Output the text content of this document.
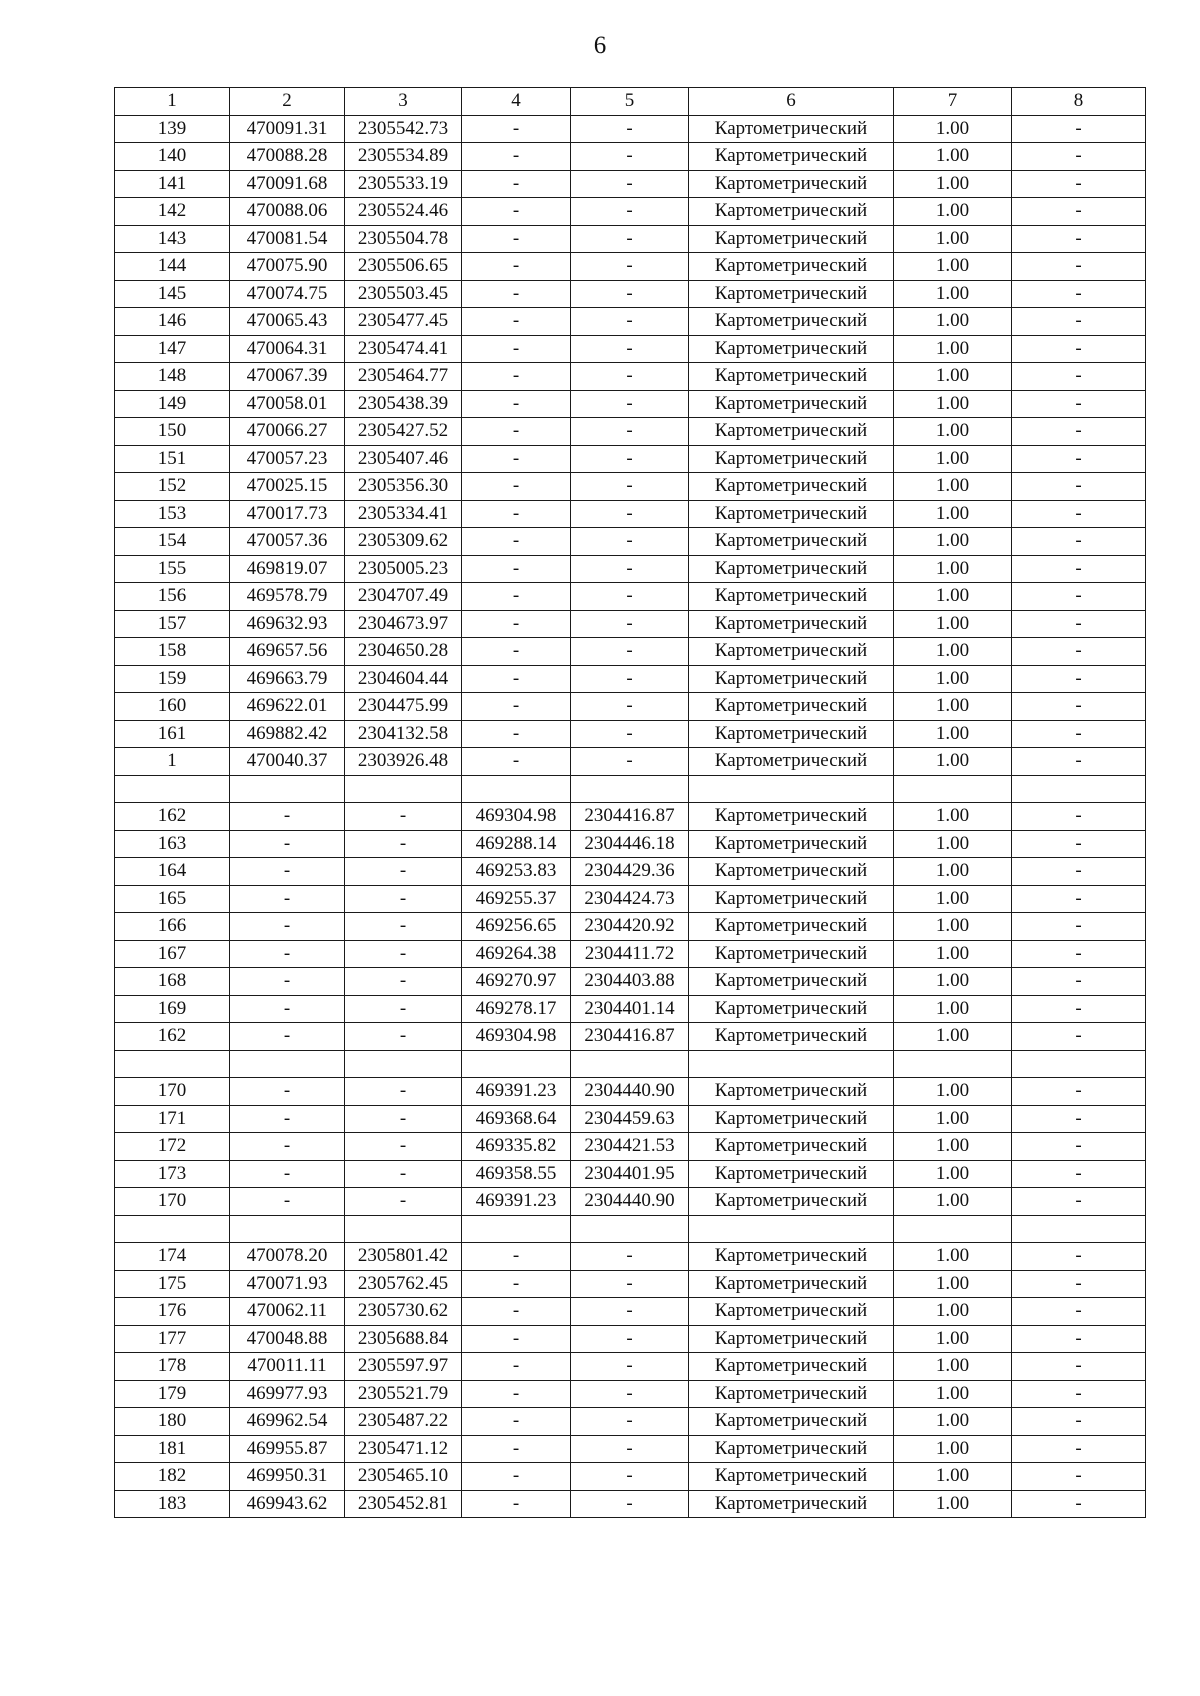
6
1	2	3	4	5	6	7	8
139	470091.31	2305542.73	-	-	Картометрический	1.00	-
140	470088.28	2305534.89	-	-	Картометрический	1.00	-
141	470091.68	2305533.19	-	-	Картометрический	1.00	-
142	470088.06	2305524.46	-	-	Картометрический	1.00	-
143	470081.54	2305504.78	-	-	Картометрический	1.00	-
144	470075.90	2305506.65	-	-	Картометрический	1.00	-
145	470074.75	2305503.45	-	-	Картометрический	1.00	-
146	470065.43	2305477.45	-	-	Картометрический	1.00	-
147	470064.31	2305474.41	-	-	Картометрический	1.00	-
148	470067.39	2305464.77	-	-	Картометрический	1.00	-
149	470058.01	2305438.39	-	-	Картометрический	1.00	-
150	470066.27	2305427.52	-	-	Картометрический	1.00	-
151	470057.23	2305407.46	-	-	Картометрический	1.00	-
152	470025.15	2305356.30	-	-	Картометрический	1.00	-
153	470017.73	2305334.41	-	-	Картометрический	1.00	-
154	470057.36	2305309.62	-	-	Картометрический	1.00	-
155	469819.07	2305005.23	-	-	Картометрический	1.00	-
156	469578.79	2304707.49	-	-	Картометрический	1.00	-
157	469632.93	2304673.97	-	-	Картометрический	1.00	-
158	469657.56	2304650.28	-	-	Картометрический	1.00	-
159	469663.79	2304604.44	-	-	Картометрический	1.00	-
160	469622.01	2304475.99	-	-	Картометрический	1.00	-
161	469882.42	2304132.58	-	-	Картометрический	1.00	-
1	470040.37	2303926.48	-	-	Картометрический	1.00	-

162	-	-	469304.98	2304416.87	Картометрический	1.00	-
163	-	-	469288.14	2304446.18	Картометрический	1.00	-
164	-	-	469253.83	2304429.36	Картометрический	1.00	-
165	-	-	469255.37	2304424.73	Картометрический	1.00	-
166	-	-	469256.65	2304420.92	Картометрический	1.00	-
167	-	-	469264.38	2304411.72	Картометрический	1.00	-
168	-	-	469270.97	2304403.88	Картометрический	1.00	-
169	-	-	469278.17	2304401.14	Картометрический	1.00	-
162	-	-	469304.98	2304416.87	Картометрический	1.00	-

170	-	-	469391.23	2304440.90	Картометрический	1.00	-
171	-	-	469368.64	2304459.63	Картометрический	1.00	-
172	-	-	469335.82	2304421.53	Картометрический	1.00	-
173	-	-	469358.55	2304401.95	Картометрический	1.00	-
170	-	-	469391.23	2304440.90	Картометрический	1.00	-

174	470078.20	2305801.42	-	-	Картометрический	1.00	-
175	470071.93	2305762.45	-	-	Картометрический	1.00	-
176	470062.11	2305730.62	-	-	Картометрический	1.00	-
177	470048.88	2305688.84	-	-	Картометрический	1.00	-
178	470011.11	2305597.97	-	-	Картометрический	1.00	-
179	469977.93	2305521.79	-	-	Картометрический	1.00	-
180	469962.54	2305487.22	-	-	Картометрический	1.00	-
181	469955.87	2305471.12	-	-	Картометрический	1.00	-
182	469950.31	2305465.10	-	-	Картометрический	1.00	-
183	469943.62	2305452.81	-	-	Картометрический	1.00	-
